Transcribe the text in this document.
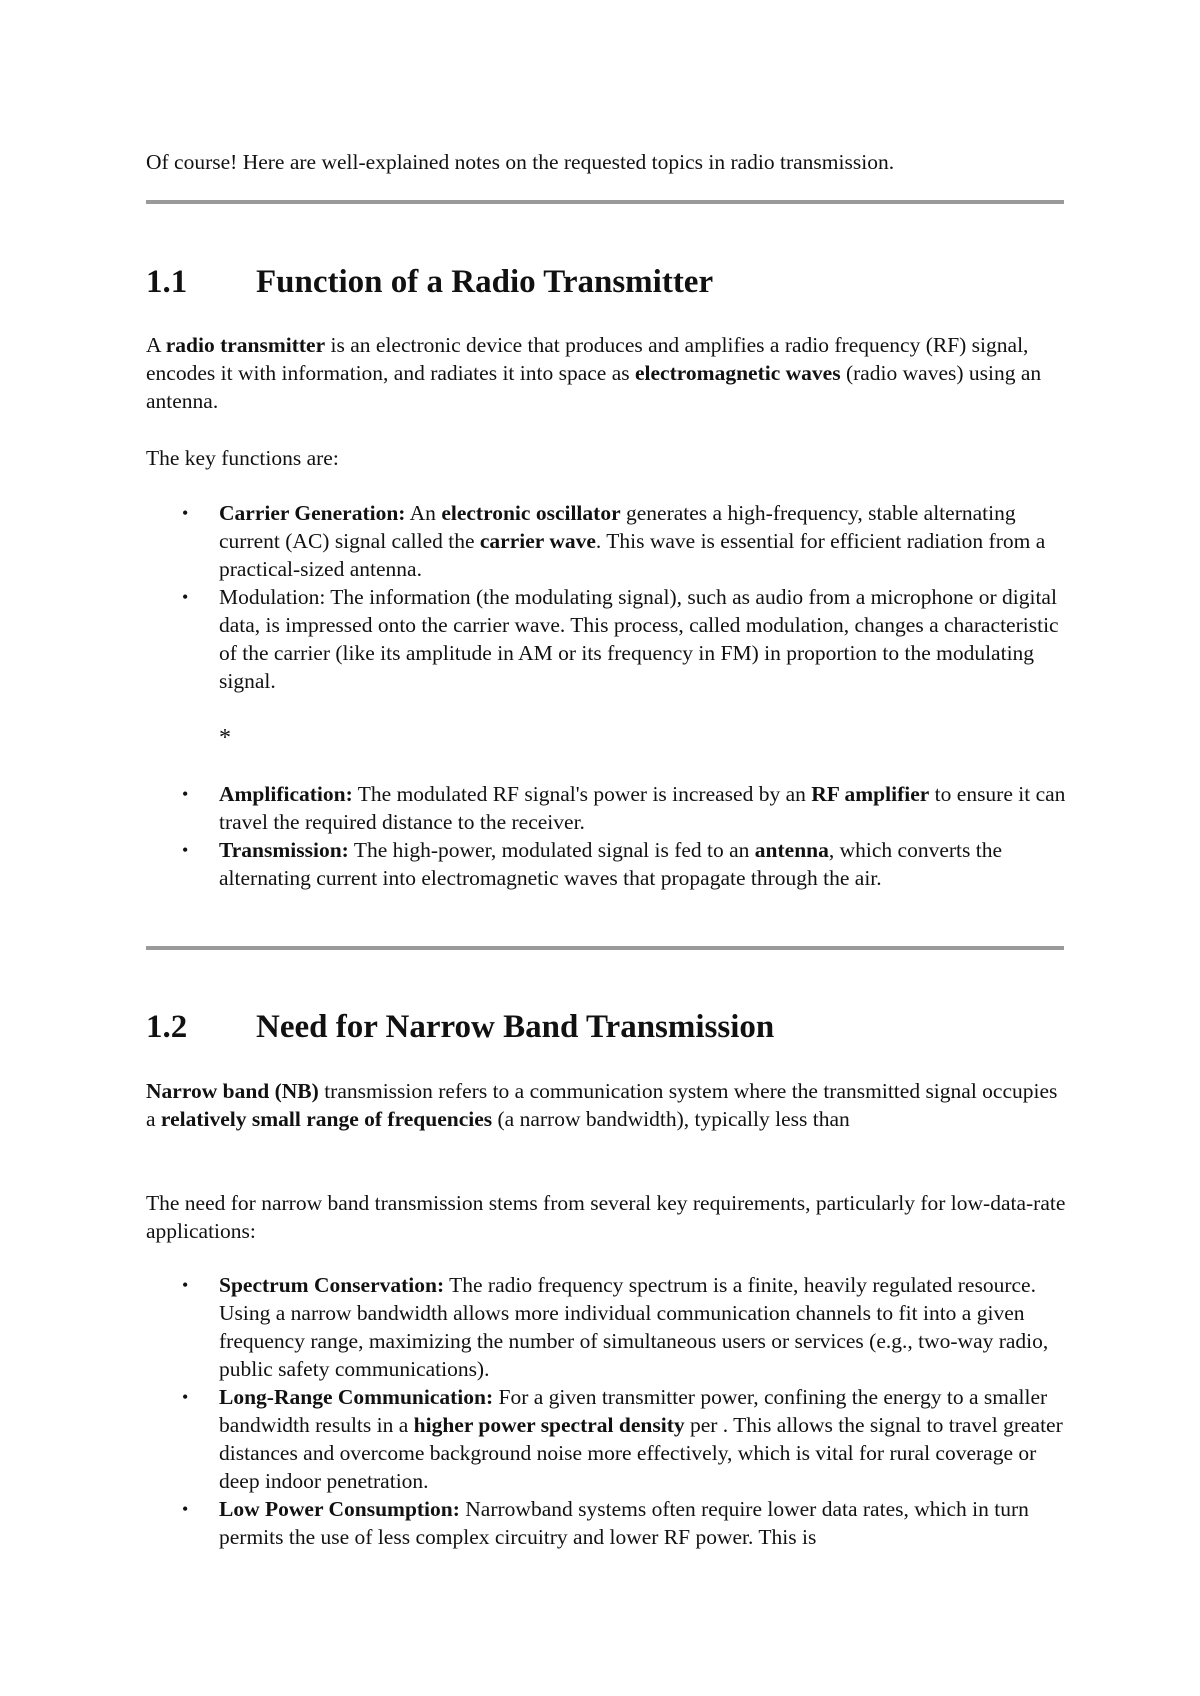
Of course! Here are well-explained notes on the requested topics in radio transmission.
1.1 Function of a Radio Transmitter
A radio transmitter is an electronic device that produces and amplifies a radio frequency (RF) signal, encodes it with information, and radiates it into space as electromagnetic waves (radio waves) using an antenna.
The key functions are:
• Carrier Generation: An electronic oscillator generates a high-frequency, stable alternating current (AC) signal called the carrier wave. This wave is essential for efficient radiation from a practical-sized antenna.
• Modulation: The information (the modulating signal), such as audio from a microphone or digital data, is impressed onto the carrier wave. This process, called modulation, changes a characteristic of the carrier (like its amplitude in AM or its frequency in FM) in proportion to the modulating signal.
*
• Amplification: The modulated RF signal's power is increased by an RF amplifier to ensure it can travel the required distance to the receiver.
• Transmission: The high-power, modulated signal is fed to an antenna, which converts the alternating current into electromagnetic waves that propagate through the air.
1.2 Need for Narrow Band Transmission
Narrow band (NB) transmission refers to a communication system where the transmitted signal occupies a relatively small range of frequencies (a narrow bandwidth), typically less than
The need for narrow band transmission stems from several key requirements, particularly for low-data-rate applications:
• Spectrum Conservation: The radio frequency spectrum is a finite, heavily regulated resource. Using a narrow bandwidth allows more individual communication channels to fit into a given frequency range, maximizing the number of simultaneous users or services (e.g., two-way radio, public safety communications).
• Long-Range Communication: For a given transmitter power, confining the energy to a smaller bandwidth results in a higher power spectral density per . This allows the signal to travel greater distances and overcome background noise more effectively, which is vital for rural coverage or deep indoor penetration.
• Low Power Consumption: Narrowband systems often require lower data rates, which in turn permits the use of less complex circuitry and lower RF power. This is
